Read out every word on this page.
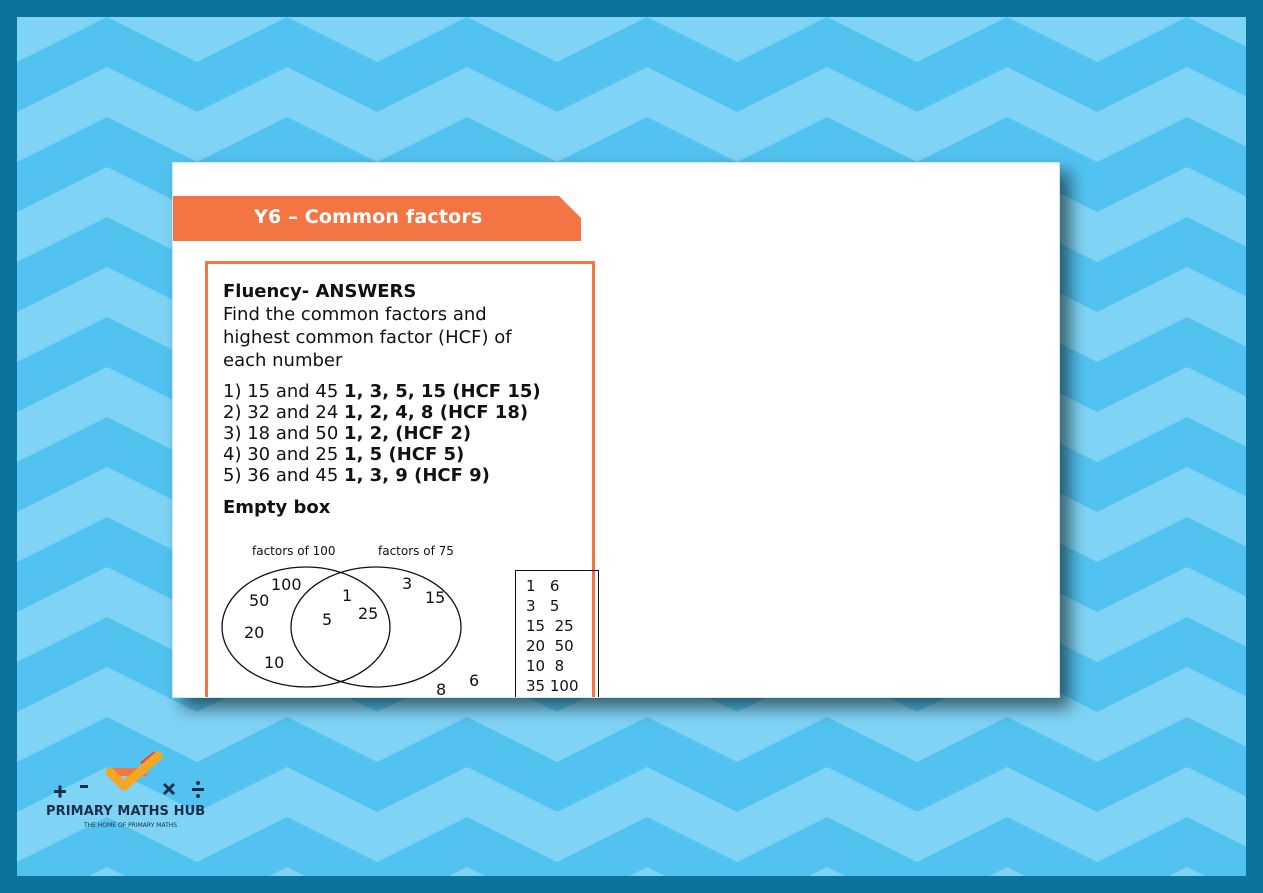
Y6 – Common factors
Fluency- ANSWERS
Find the common factors and
highest common factor (HCF) of
each number
1) 15 and 45 1, 3, 5, 15 (HCF 15)
2) 32 and 24 1, 2, 4, 8 (HCF 18)
3) 18 and 50 1, 2, (HCF 2)
4) 30 and 25 1, 5 (HCF 5)
5) 36 and 45 1, 3, 9 (HCF 9)
Empty box
factors of 100	factors of 75
100
50
20
10
1
5 25
3
15
6
8
1   6
3   5
15  25
20  50
10  8
35 100
PRIMARY MATHS HUB
THE HOME OF PRIMARY MATHS
